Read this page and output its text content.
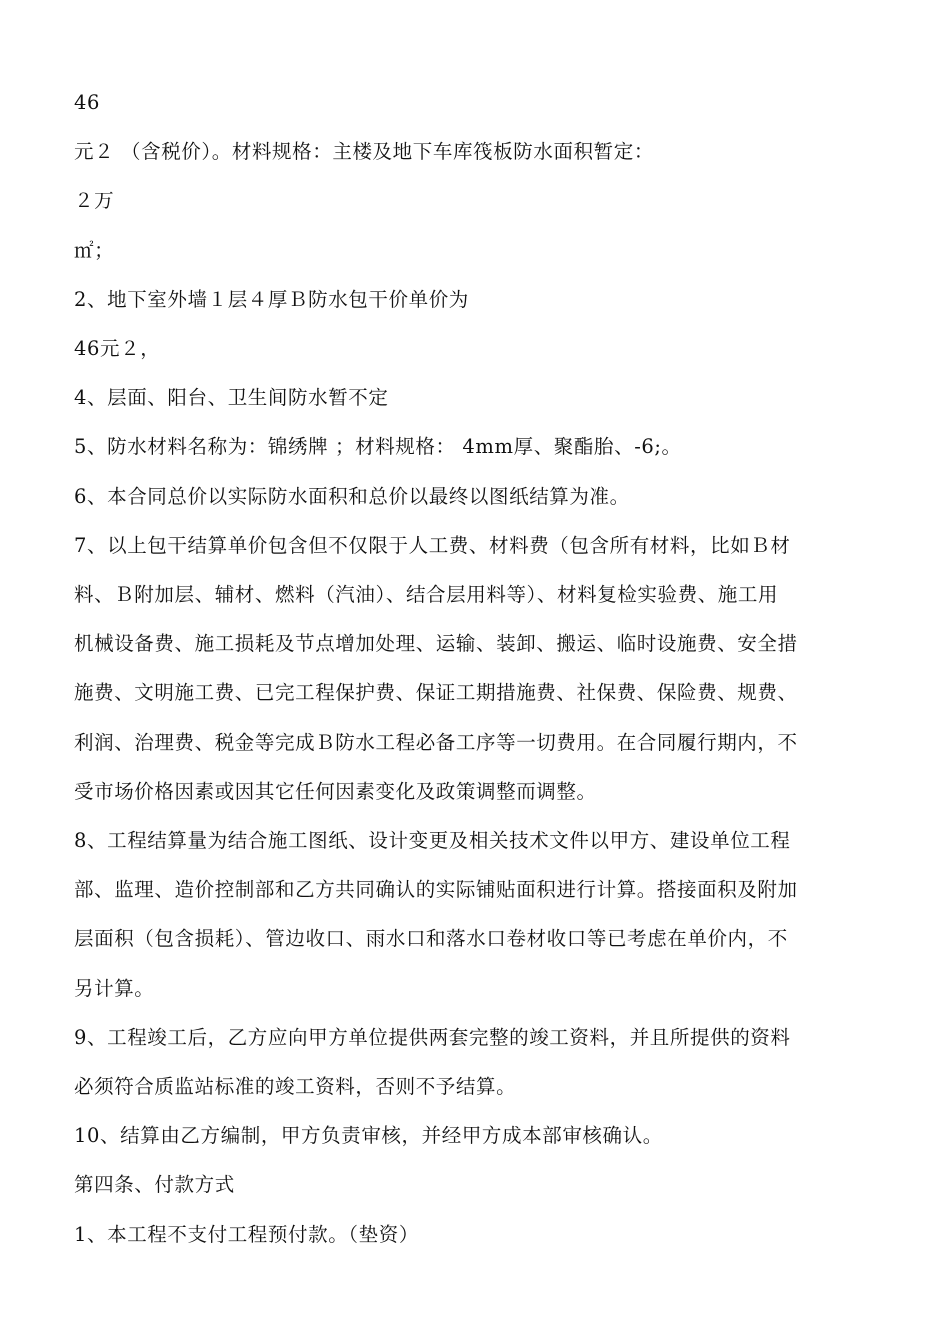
46

元２ （含税价）。材料规格：主楼及地下车库筏板防水面积暂定：

２万

㎡；

2、地下室外墙１层４厚Ｂ防水包干价单价为

46元２，

4、层面、阳台、卫生间防水暂不定

5、防水材料名称为：锦绣牌 ；材料规格： 4mm厚、聚酯胎、-6;。

6、本合同总价以实际防水面积和总价以最终以图纸结算为准。

7、以上包干结算单价包含但不仅限于人工费、材料费（包含所有材料，比如Ｂ材

料、Ｂ附加层、辅材、燃料（汽油）、结合层用料等）、材料复检实验费、施工用

机械设备费、施工损耗及节点增加处理、运输、装卸、搬运、临时设施费、安全措

施费、文明施工费、已完工程保护费、保证工期措施费、社保费、保险费、规费、

利润、治理费、税金等完成Ｂ防水工程必备工序等一切费用。在合同履行期内，不

受市场价格因素或因其它任何因素变化及政策调整而调整。

8、工程结算量为结合施工图纸、设计变更及相关技术文件以甲方、建设单位工程

部、监理、造价控制部和乙方共同确认的实际铺贴面积进行计算。搭接面积及附加

层面积（包含损耗）、管边收口、雨水口和落水口卷材收口等已考虑在单价内，不

另计算。

9、工程竣工后，乙方应向甲方单位提供两套完整的竣工资料，并且所提供的资料

必须符合质监站标准的竣工资料，否则不予结算。

10、结算由乙方编制，甲方负责审核，并经甲方成本部审核确认。

第四条、付款方式

1、本工程不支付工程预付款。（垫资）
